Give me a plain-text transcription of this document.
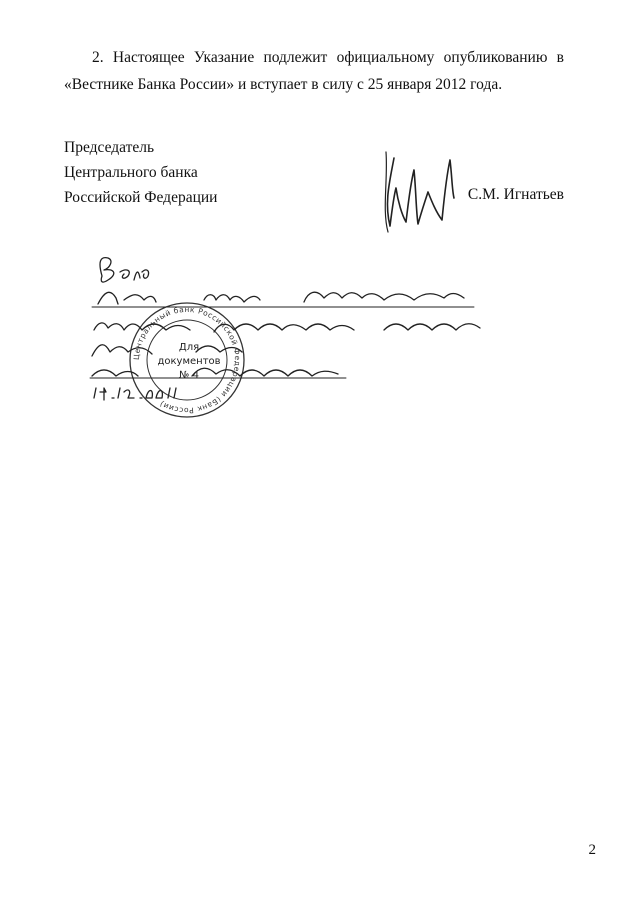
2. Настоящее Указание подлежит официальному опубликованию в
«Вестнике Банка России» и вступает в силу с 25 января 2012 года.

Председатель
Центрального банка
Российской Федерации	С.М. Игнатьев
Центральный банк Российской Федерации (Банк России)
Для
документов
№ 4
2
